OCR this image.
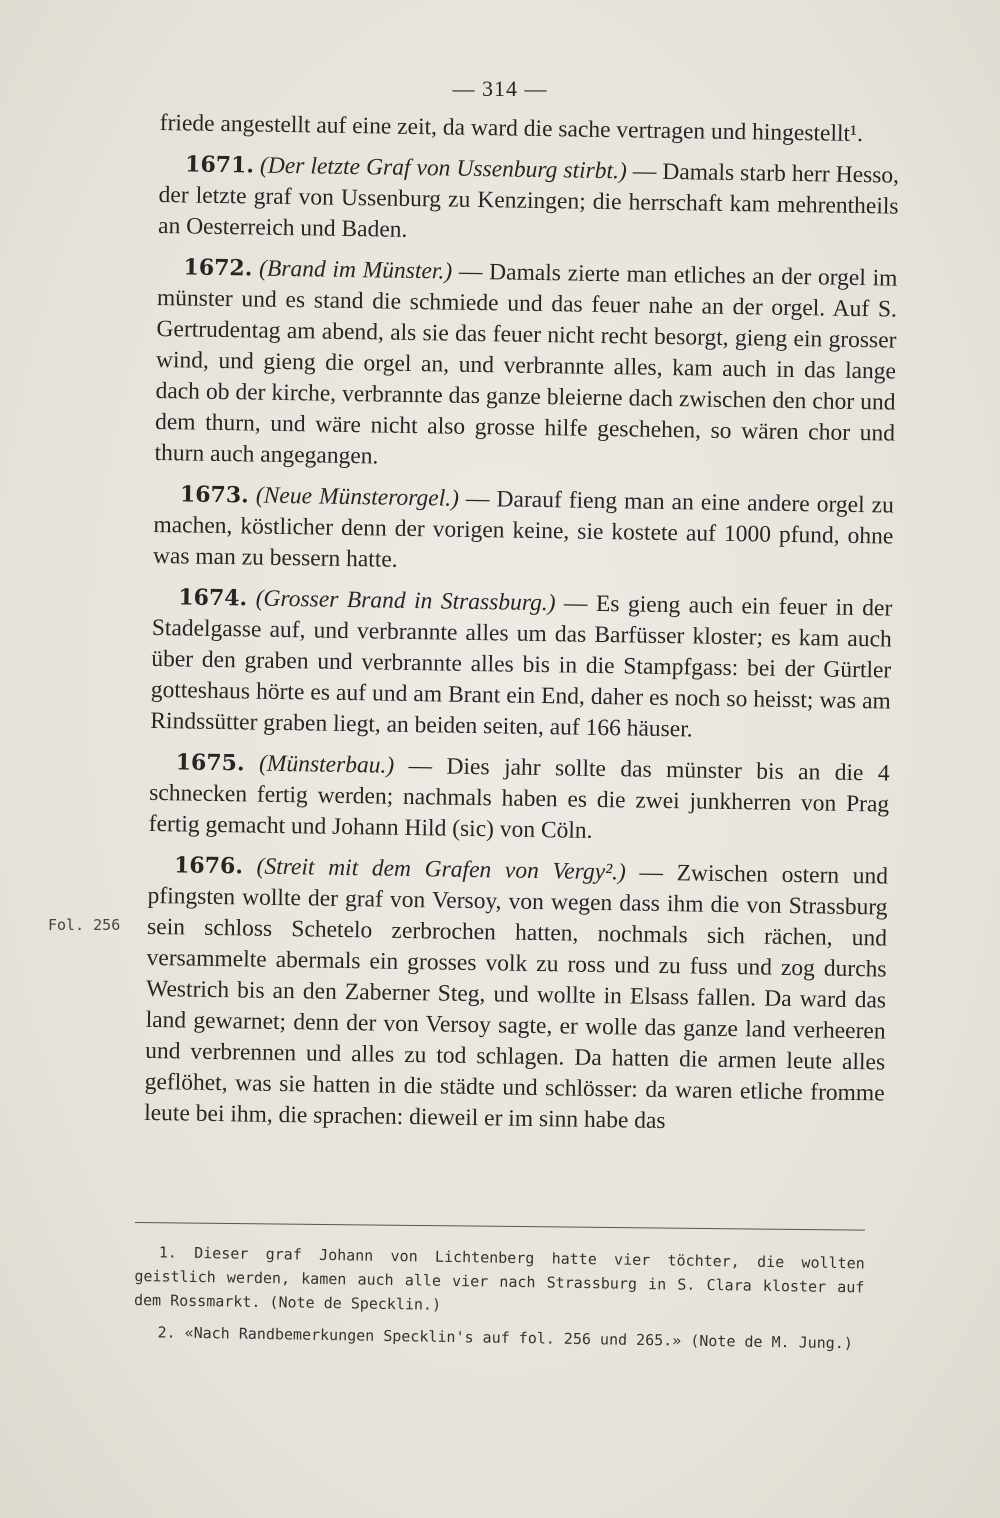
— 314 —
Fol. 256

friede angestellt auf eine zeit, da ward die sache vertragen und hingestellt¹.

1671. (Der letzte Graf von Ussenburg stirbt.) — Damals starb herr Hesso, der letzte graf von Ussenburg zu Kenzingen; die herrschaft kam mehrentheils an Oesterreich und Baden.

1672. (Brand im Münster.) — Damals zierte man etliches an der orgel im münster und es stand die schmiede und das feuer nahe an der orgel. Auf S. Gertrudentag am abend, als sie das feuer nicht recht besorgt, gieng ein grosser wind, und gieng die orgel an, und verbrannte alles, kam auch in das lange dach ob der kirche, verbrannte das ganze bleierne dach zwischen den chor und dem thurn, und wäre nicht also grosse hilfe geschehen, so wären chor und thurn auch angegangen.

1673. (Neue Münsterorgel.) — Darauf fieng man an eine andere orgel zu machen, köstlicher denn der vorigen keine, sie kostete auf 1000 pfund, ohne was man zu bessern hatte.

1674. (Grosser Brand in Strassburg.) — Es gieng auch ein feuer in der Stadelgasse auf, und verbrannte alles um das Barfüsser kloster; es kam auch über den graben und verbrannte alles bis in die Stampfgass: bei der Gürtler gotteshaus hörte es auf und am Brant ein End, daher es noch so heisst; was am Rindssütter graben liegt, an beiden seiten, auf 166 häuser.

1675. (Münsterbau.) — Dies jahr sollte das münster bis an die 4 schnecken fertig werden; nachmals haben es die zwei junkherren von Prag fertig gemacht und Johann Hild (sic) von Cöln.

1676. (Streit mit dem Grafen von Vergy².) — Zwischen ostern und pfingsten wollte der graf von Versoy, von wegen dass ihm die von Strassburg sein schloss Schetelo zerbrochen hatten, nochmals sich rächen, und versammelte abermals ein grosses volk zu ross und zu fuss und zog durchs Westrich bis an den Zaberner Steg, und wollte in Elsass fallen. Da ward das land gewarnet; denn der von Versoy sagte, er wolle das ganze land verheeren und verbrennen und alles zu tod schlagen. Da hatten die armen leute alles geflöhet, was sie hatten in die städte und schlösser: da waren etliche fromme leute bei ihm, die sprachen: dieweil er im sinn habe das

1. Dieser graf Johann von Lichtenberg hatte vier töchter, die wollten geistlich werden, kamen auch alle vier nach Strassburg in S. Clara kloster auf dem Rossmarkt. (Note de Specklin.)

2. «Nach Randbemerkungen Specklin's auf fol. 256 und 265.» (Note de M. Jung.)
